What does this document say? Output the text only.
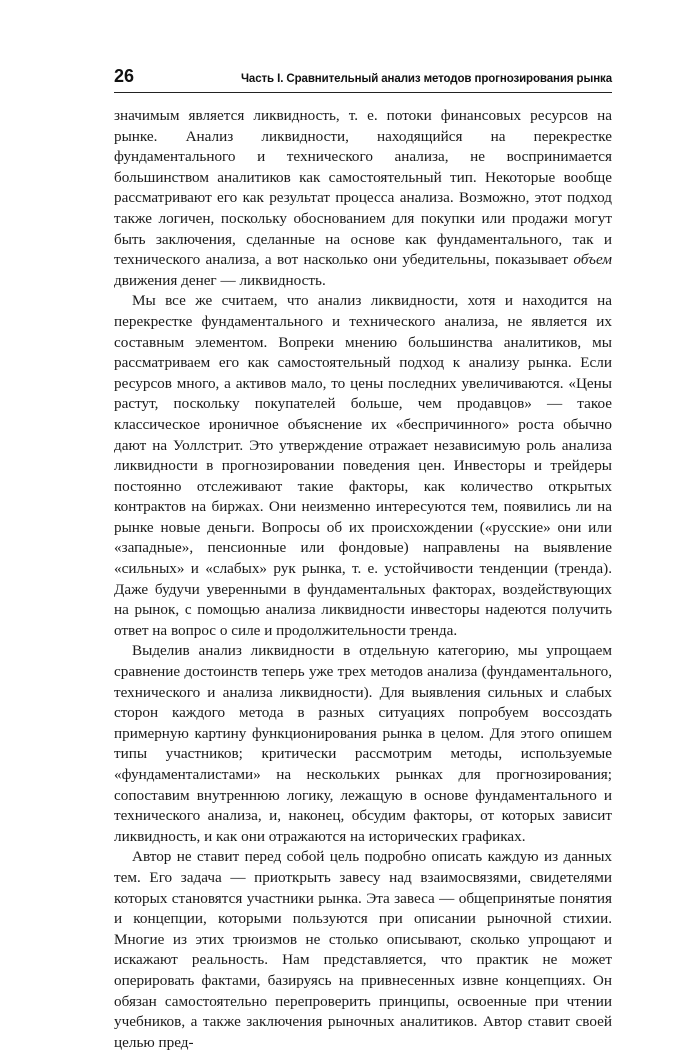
26	Часть I. Сравнительный анализ методов прогнозирования рынка

значимым является ликвидность, т. е. потоки финансовых ресурсов на рынке. Анализ ликвидности, находящийся на перекрестке фундаментального и технического анализа, не воспринимается большинством аналитиков как самостоятельный тип. Некоторые вообще рассматривают его как результат процесса анализа. Возможно, этот подход также логичен, поскольку обоснованием для покупки или продажи могут быть заключения, сделанные на основе как фундаментального, так и технического анализа, а вот насколько они убедительны, показывает объем движения денег — ликвидность.

Мы все же считаем, что анализ ликвидности, хотя и находится на перекрестке фундаментального и технического анализа, не является их составным элементом. Вопреки мнению большинства аналитиков, мы рассматриваем его как самостоятельный подход к анализу рынка. Если ресурсов много, а активов мало, то цены последних увеличиваются. «Цены растут, поскольку покупателей больше, чем продавцов» — такое классическое ироничное объяснение их «беспричинного» роста обычно дают на Уоллстрит. Это утверждение отражает независимую роль анализа ликвидности в прогнозировании поведения цен. Инвесторы и трейдеры постоянно отслеживают такие факторы, как количество открытых контрактов на биржах. Они неизменно интересуются тем, появились ли на рынке новые деньги. Вопросы об их происхождении («русские» они или «западные», пенсионные или фондовые) направлены на выявление «сильных» и «слабых» рук рынка, т. е. устойчивости тенденции (тренда). Даже будучи уверенными в фундаментальных факторах, воздействующих на рынок, с помощью анализа ликвидности инвесторы надеются получить ответ на вопрос о силе и продолжительности тренда.

Выделив анализ ликвидности в отдельную категорию, мы упрощаем сравнение достоинств теперь уже трех методов анализа (фундаментального, технического и анализа ликвидности). Для выявления сильных и слабых сторон каждого метода в разных ситуациях попробуем воссоздать примерную картину функционирования рынка в целом. Для этого опишем типы участников; критически рассмотрим методы, используемые «фундаменталистами» на нескольких рынках для прогнозирования; сопоставим внутреннюю логику, лежащую в основе фундаментального и технического анализа, и, наконец, обсудим факторы, от которых зависит ликвидность, и как они отражаются на исторических графиках.

Автор не ставит перед собой цель подробно описать каждую из данных тем. Его задача — приоткрыть завесу над взаимосвязями, свидетелями которых становятся участники рынка. Эта завеса — общепринятые понятия и концепции, которыми пользуются при описании рыночной стихии. Многие из этих трюизмов не столько описывают, сколько упрощают и искажают реальность. Нам представляется, что практик не может оперировать фактами, базируясь на привнесенных извне концепциях. Он обязан самостоятельно перепроверить принципы, освоенные при чтении учебников, а также заключения рыночных аналитиков. Автор ставит своей целью пред-
